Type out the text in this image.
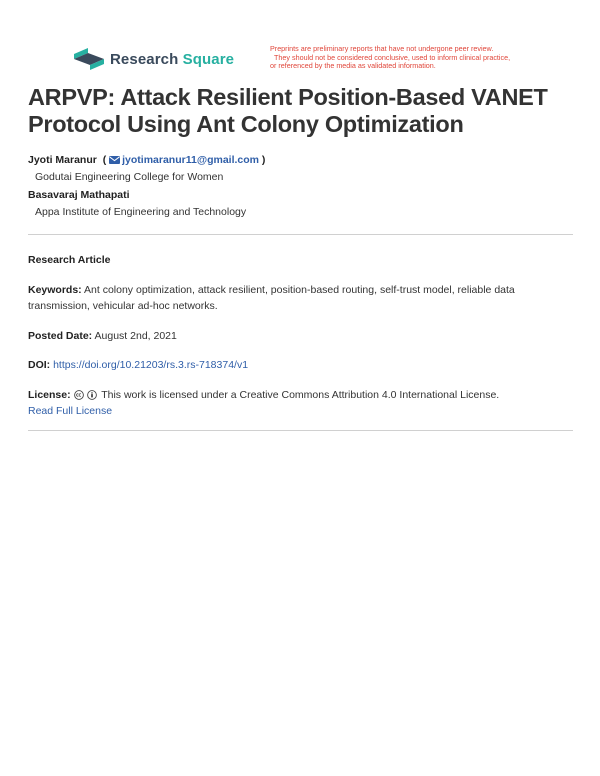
Research Square
Preprints are preliminary reports that have not undergone peer review.
They should not be considered conclusive, used to inform clinical practice,
or referenced by the media as validated information.
ARPVP: Attack Resilient Position-Based VANET
Protocol Using Ant Colony Optimization
Jyoti Maranur  ( jyotimaranur11@gmail.com )
Godutai Engineering College for Women
Basavaraj Mathapati
Appa Institute of Engineering and Technology
Research Article
Keywords: Ant colony optimization, attack resilient, position-based routing, self-trust model, reliable data transmission, vehicular ad-hoc networks.
Posted Date: August 2nd, 2021
DOI: https://doi.org/10.21203/rs.3.rs-718374/v1
License:	This work is licensed under a Creative Commons Attribution 4.0 International License.
Read Full License
